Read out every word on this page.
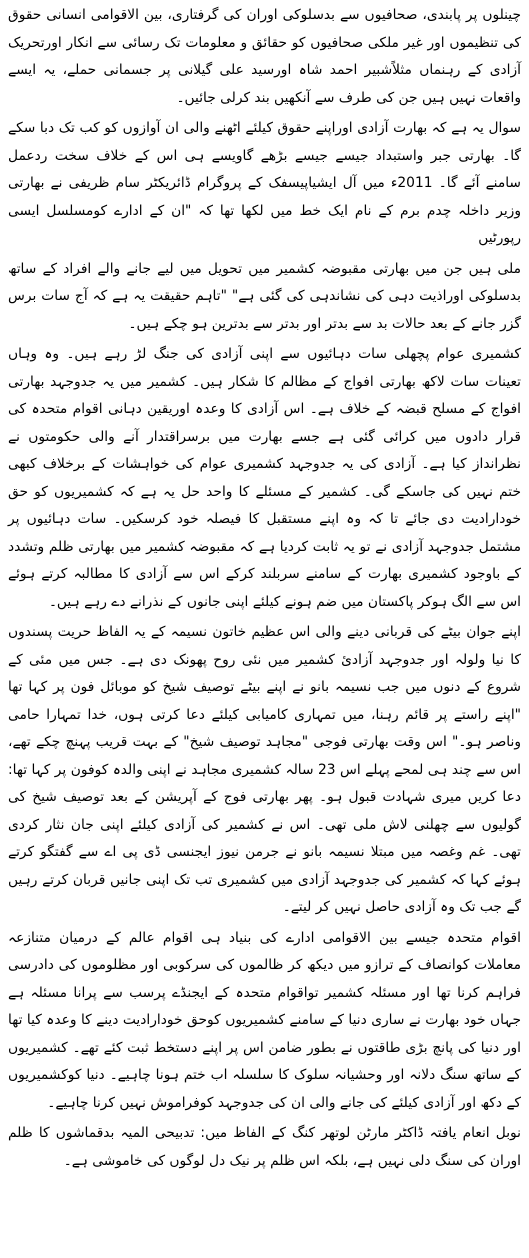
چینلوں پر پابندی، صحافیوں سے بدسلوکی اوران کی گرفتاری، بین الاقوامی انسانی حقوق کی تنظیموں اور غیر ملکی صحافیوں کو حقائق و معلومات تک رسائی سے انکار اورتحریک آزادی کے رہنماں مثلاًشبیر احمد شاہ اورسید علی گیلانی پر جسمانی حملے، یہ ایسے واقعات نہیں ہیں جن کی طرف سے آنکھیں بند کرلی جائیں۔

سوال یہ ہے کہ بھارت آزادی اوراپنے حقوق کیلئے اٹھنے والی ان آوازوں کو کب تک دبا سکے گا۔ بھارتی جبر واستبداد جیسے جیسے بڑھے گاویسے ہی اس کے خلاف سخت ردعمل سامنے آئے گا۔ 2011ء میں آل ایشیاپیسفک کے پروگرام ڈائریکٹر سام ظریفی نے بھارتی وزیر داخلہ چدم برم کے نام ایک خط میں لکھا تھا کہ "ان کے ادارے کومسلسل ایسی رپورٹیں

ملی ہیں جن میں بھارتی مقبوضہ کشمیر میں تحویل میں لیے جانے والے افراد کے ساتھ بدسلوکی اوراذیت دہی کی نشاندہی کی گئی ہے" "تاہم حقیقت یہ ہے کہ آج سات برس گزر جانے کے بعد حالات بد سے بدتر اور بدتر سے بدترین ہو چکے ہیں۔

کشمیری عوام پچھلی سات دہائیوں سے اپنی آزادی کی جنگ لڑ رہے ہیں۔ وہ وہاں تعینات سات لاکھ بھارتی افواج کے مظالم کا شکار ہیں۔ کشمیر میں یہ جدوجہد بھارتی افواج کے مسلح قبضہ کے خلاف ہے۔ اس آزادی کا وعدہ اوریقین دہانی اقوام متحدہ کی قرار دادوں میں کرائی گئی ہے جسے بھارت میں برسراقتدار آنے والی حکومتوں نے نظرانداز کیا ہے۔ آزادی کی یہ جدوجہد کشمیری عوام کی خواہشات کے برخلاف کبھی ختم نہیں کی جاسکے گی۔ کشمیر کے مسئلے کا واحد حل یہ ہے کہ کشمیریوں کو حق خودارادیت دی جائے تا کہ وہ اپنے مستقبل کا فیصلہ خود کرسکیں۔ سات دہائیوں پر مشتمل جدوجہد آزادی نے تو یہ ثابت کردیا ہے کہ مقبوضہ کشمیر میں بھارتی ظلم وتشدد کے باوجود کشمیری بھارت کے سامنے سربلند کرکے اس سے آزادی کا مطالبہ کرتے ہوئے اس سے الگ ہوکر پاکستان میں ضم ہونے کیلئے اپنی جانوں کے نذرانے دے رہے ہیں۔

اپنے جوان بیٹے کی قربانی دینے والی اس عظیم خاتون نسیمہ کے یہ الفاظ حریت پسندوں کا نیا ولولہ اور جدوجہد آزادیٔ کشمیر میں نئی روح پھونک دی ہے۔ جس میں مئی کے شروع کے دنوں میں جب نسیمہ بانو نے اپنے بیٹے توصیف شیخ کو موبائل فون پر کہا تھا "اپنے راستے پر قائم رہنا، میں تمہاری کامیابی کیلئے دعا کرتی ہوں، خدا تمہارا حامی وناصر ہو۔" اس وقت بھارتی فوجی "مجاہد توصیف شیخ" کے بہت قریب پہنچ چکے تھے، اس سے چند ہی لمحے پہلے اس 23 سالہ کشمیری مجاہد نے اپنی والدہ کوفون پر کہا تھا: دعا کریں میری شہادت قبول ہو۔ پھر بھارتی فوج کے آپریشن کے بعد توصیف شیخ کی گولیوں سے چھلنی لاش ملی تھی۔ اس نے کشمیر کی آزادی کیلئے اپنی جان نثار کردی تھی۔ غم وغصہ میں مبتلا نسیمہ بانو نے جرمن نیوز ایجنسی ڈی پی اے سے گفتگو کرتے ہوئے کہا کہ کشمیر کی جدوجہد آزادی میں کشمیری تب تک اپنی جانیں قربان کرتے رہیں گے جب تک وہ آزادی حاصل نہیں کر لیتے۔

اقوام متحدہ جیسے بین الاقوامی ادارے کی بنیاد ہی اقوام عالم کے درمیان متنازعہ معاملات کوانصاف کے ترازو میں دیکھ کر ظالموں کی سرکوبی اور مظلوموں کی دادرسی فراہم کرنا تھا اور مسئلہ کشمیر تواقوام متحدہ کے ایجنڈے پرسب سے پرانا مسئلہ ہے جہاں خود بھارت نے ساری دنیا کے سامنے کشمیریوں کوحق خودارادیت دینے کا وعدہ کیا تھا اور دنیا کی پانچ بڑی طاقتوں نے بطور ضامن اس پر اپنے دستخط ثبت کئے تھے۔ کشمیریوں کے ساتھ سنگ دلانہ اور وحشیانہ سلوک کا سلسلہ اب ختم ہونا چاہیے۔ دنیا کوکشمیریوں کے دکھ اور آزادی کیلئے کی جانے والی ان کی جدوجہد کوفراموش نہیں کرنا چاہیے۔

نوبل انعام یافتہ ڈاکٹر مارٹن لوتھر کنگ کے الفاظ میں: تدبیحی المیہ بدقماشوں کا ظلم اوران کی سنگ دلی نہیں ہے، بلکہ اس ظلم پر نیک دل لوگوں کی خاموشی ہے۔
